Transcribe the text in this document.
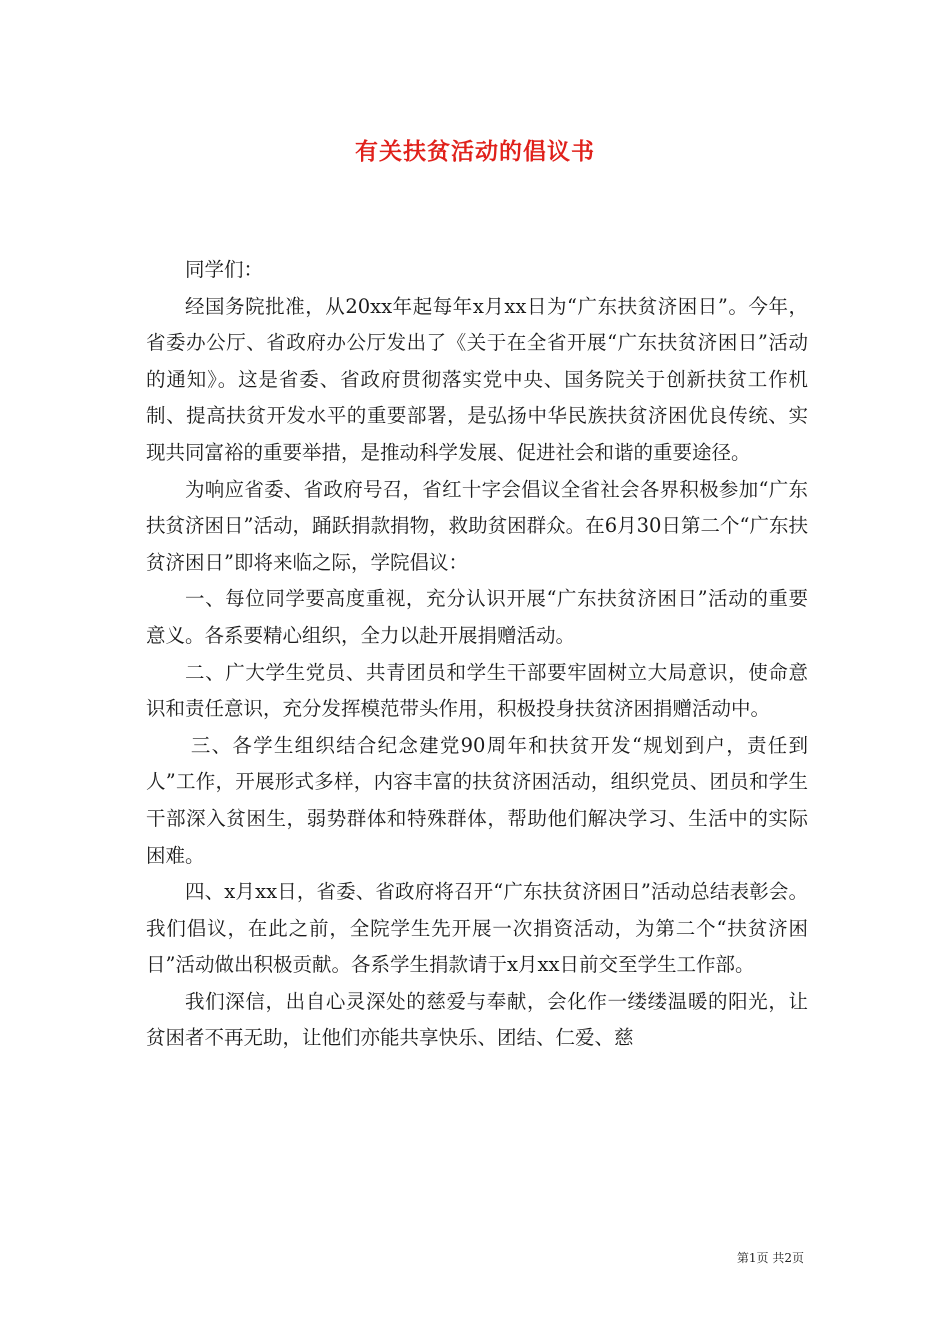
有关扶贫活动的倡议书

同学们：

经国务院批准，从20xx年起每年x月xx日为“广东扶贫济困日”。今年，省委办公厅、省政府办公厅发出了《关于在全省开展“广东扶贫济困日”活动的通知》。这是省委、省政府贯彻落实党中央、国务院关于创新扶贫工作机制、提高扶贫开发水平的重要部署，是弘扬中华民族扶贫济困优良传统、实现共同富裕的重要举措，是推动科学发展、促进社会和谐的重要途径。

为响应省委、省政府号召，省红十字会倡议全省社会各界积极参加“广东扶贫济困日”活动，踊跃捐款捐物，救助贫困群众。在6月30日第二个“广东扶贫济困日”即将来临之际，学院倡议：

一、每位同学要高度重视，充分认识开展“广东扶贫济困日”活动的重要意义。各系要精心组织，全力以赴开展捐赠活动。

二、广大学生党员、共青团员和学生干部要牢固树立大局意识，使命意识和责任意识，充分发挥模范带头作用，积极投身扶贫济困捐赠活动中。

三、各学生组织结合纪念建党90周年和扶贫开发“规划到户，责任到人”工作，开展形式多样，内容丰富的扶贫济困活动，组织党员、团员和学生干部深入贫困生，弱势群体和特殊群体，帮助他们解决学习、生活中的实际困难。

四、x月xx日，省委、省政府将召开“广东扶贫济困日”活动总结表彰会。我们倡议，在此之前，全院学生先开展一次捐资活动，为第二个“扶贫济困日”活动做出积极贡献。各系学生捐款请于x月xx日前交至学生工作部。

我们深信，出自心灵深处的慈爱与奉献，会化作一缕缕温暖的阳光，让贫困者不再无助，让他们亦能共享快乐、团结、仁爱、慈

第1页 共2页
